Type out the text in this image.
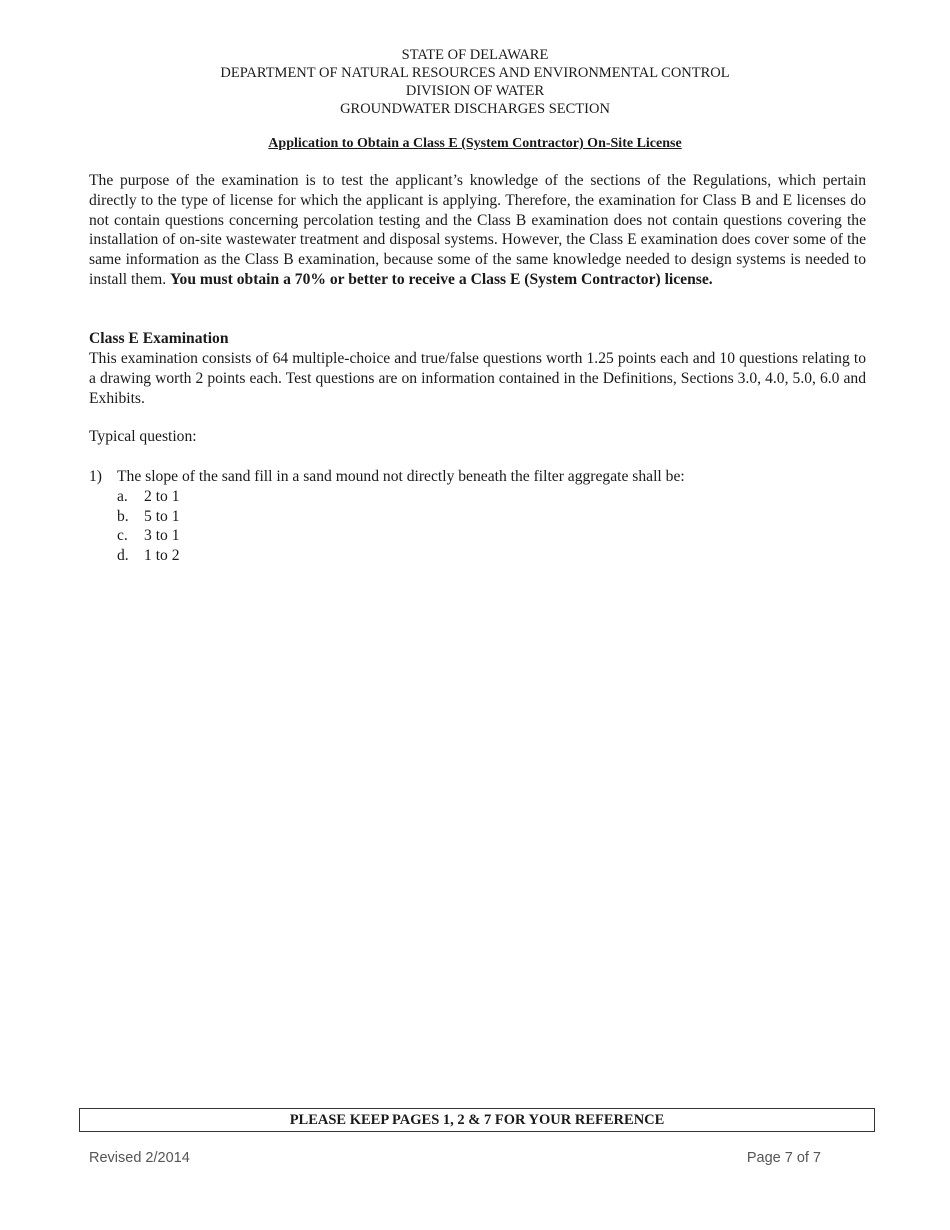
STATE OF DELAWARE
DEPARTMENT OF NATURAL RESOURCES AND ENVIRONMENTAL CONTROL
DIVISION OF WATER
GROUNDWATER DISCHARGES SECTION
Application to Obtain a Class E (System Contractor) On-Site License
The purpose of the examination is to test the applicant’s knowledge of the sections of the Regulations, which pertain directly to the type of license for which the applicant is applying. Therefore, the examination for Class B and E licenses do not contain questions concerning percolation testing and the Class B examination does not contain questions covering the installation of on-site wastewater treatment and disposal systems. However, the Class E examination does cover some of the same information as the Class B examination, because some of the same knowledge needed to design systems is needed to install them. You must obtain a 70% or better to receive a Class E (System Contractor) license.
Class E Examination
This examination consists of 64 multiple-choice and true/false questions worth 1.25 points each and 10 questions relating to a drawing worth 2 points each. Test questions are on information contained in the Definitions, Sections 3.0, 4.0, 5.0, 6.0 and Exhibits.
Typical question:
1) The slope of the sand fill in a sand mound not directly beneath the filter aggregate shall be:
a.	2 to 1
b. 5 to 1
c.	3 to 1
d. 1 to 2
PLEASE KEEP PAGES 1, 2 & 7 FOR YOUR REFERENCE
Revised 2/2014	Page 7 of 7
